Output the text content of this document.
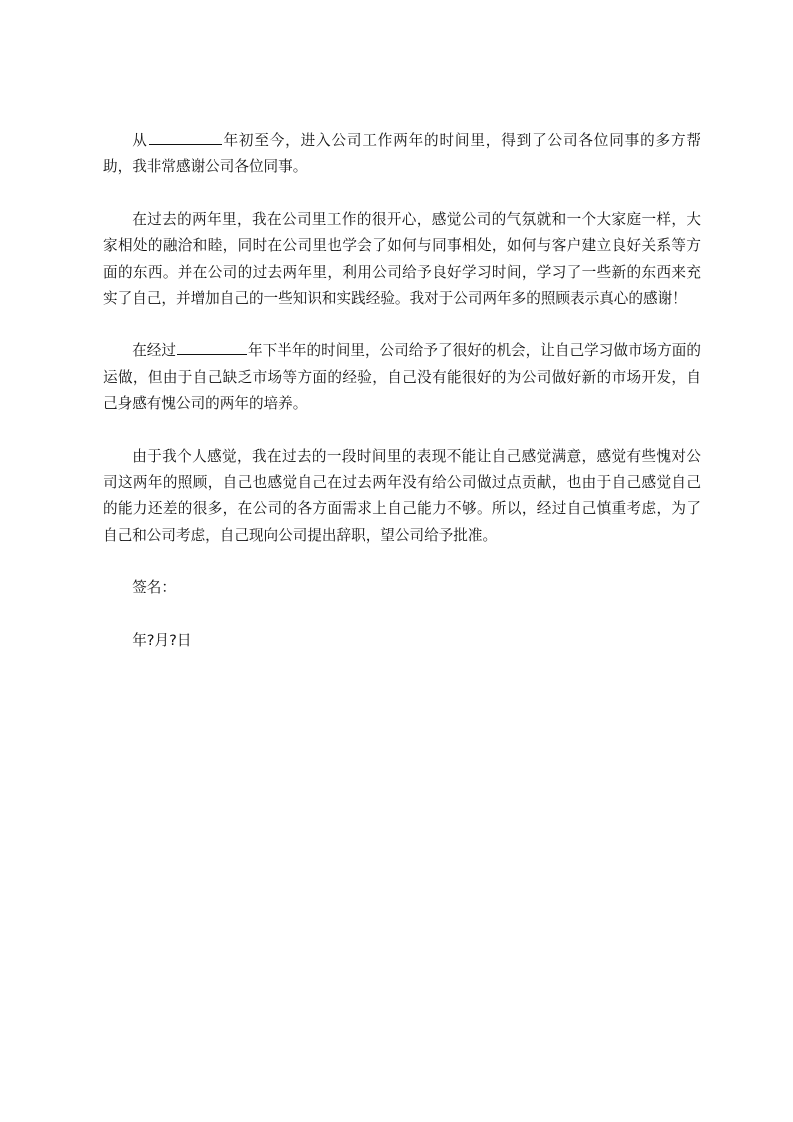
从	年初至今，进入公司工作两年的时间里，得到了公司各位同事的多方帮助，我非常感谢公司各位同事。

在过去的两年里，我在公司里工作的很开心，感觉公司的气氛就和一个大家庭一样，大家相处的融洽和睦，同时在公司里也学会了如何与同事相处，如何与客户建立良好关系等方面的东西。并在公司的过去两年里，利用公司给予良好学习时间，学习了一些新的东西来充实了自己，并增加自己的一些知识和实践经验。我对于公司两年多的照顾表示真心的感谢！

在经过	年下半年的时间里，公司给予了很好的机会，让自己学习做市场方面的运做，但由于自己缺乏市场等方面的经验，自己没有能很好的为公司做好新的市场开发，自己身感有愧公司的两年的培养。

由于我个人感觉，我在过去的一段时间里的表现不能让自己感觉满意，感觉有些愧对公司这两年的照顾，自己也感觉自己在过去两年没有给公司做过点贡献，也由于自己感觉自己的能力还差的很多，在公司的各方面需求上自己能力不够。所以，经过自己慎重考虑，为了自己和公司考虑，自己现向公司提出辞职，望公司给予批准。

签名：

年?月?日
